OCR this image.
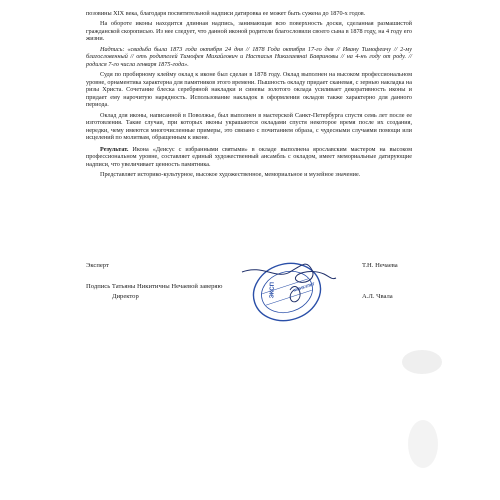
позовины XIX века, благодаря посвятительной надписи датировка ее может быть сужена до 1870-х годов.

На обороте иконы находится длинная надпись, занимающая всю поверхность доски, сделанная размашистой гражданской скорописью. Из нее следует, что данной иконой родители благословили своего сына в 1878 году, на 4 году его жизни.

Надпись: «свадьба была 1873 года октября 24 дня // 1878 Года октября 17-го дня // Ивану Тимофеичу // 2-му благословенный // отъ родителей Тимофея Михайлович и Настасья Никалаевнаi Бавриновы // на 4-нъ году от роду. // родился 7-го числа генваря 1875-года».

Судя по пробирному клейму оклад к иконе был сделан в 1878 году. Оклад выполнен на высоком профессиональном уровне, орнаментика характерна для памятников этого времени. Пышность окладу придает сканевая, с зернью накладка на ризы Христа. Сочетание блеска серебряной накладки и синевы золотого оклада усиливает декоративность иконы и придает ему нарочитую нарядность. Использование накладок в оформлении окладов также характерно для данного периода.

Оклад для иконы, написанной в Поволжье, был выполнен в мастерской Санкт-Петербурга спустя семь лет после ее изготовления. Такие случаи, при которых иконы украшаются окладами спустя некоторое время после их создания, нередки, чему имеются многочисленные примеры, это связано с почитанием образа, с чудесными случаями помощи или исцелений по молитвам, обращенным к иконе.

Результат. Икона «Деисус с избранными святыми» в окладе выполнена ярославским мастером на высоком профессиональном уровне, составляет единый художественный ансамбль с окладом, имеет мемориальные датирующие надписи, что увеличивает ценность памятника.

Представляет историко-культурное, высокое художественное, мемориальное и музейное значение.

Эксперт	Т.Н. Нечаева
Подпись Татьяны Никитичны Нечаевой заверяю
Директор	А.Л. Чвала
ЭКСП	МИНКУЛЬТ
